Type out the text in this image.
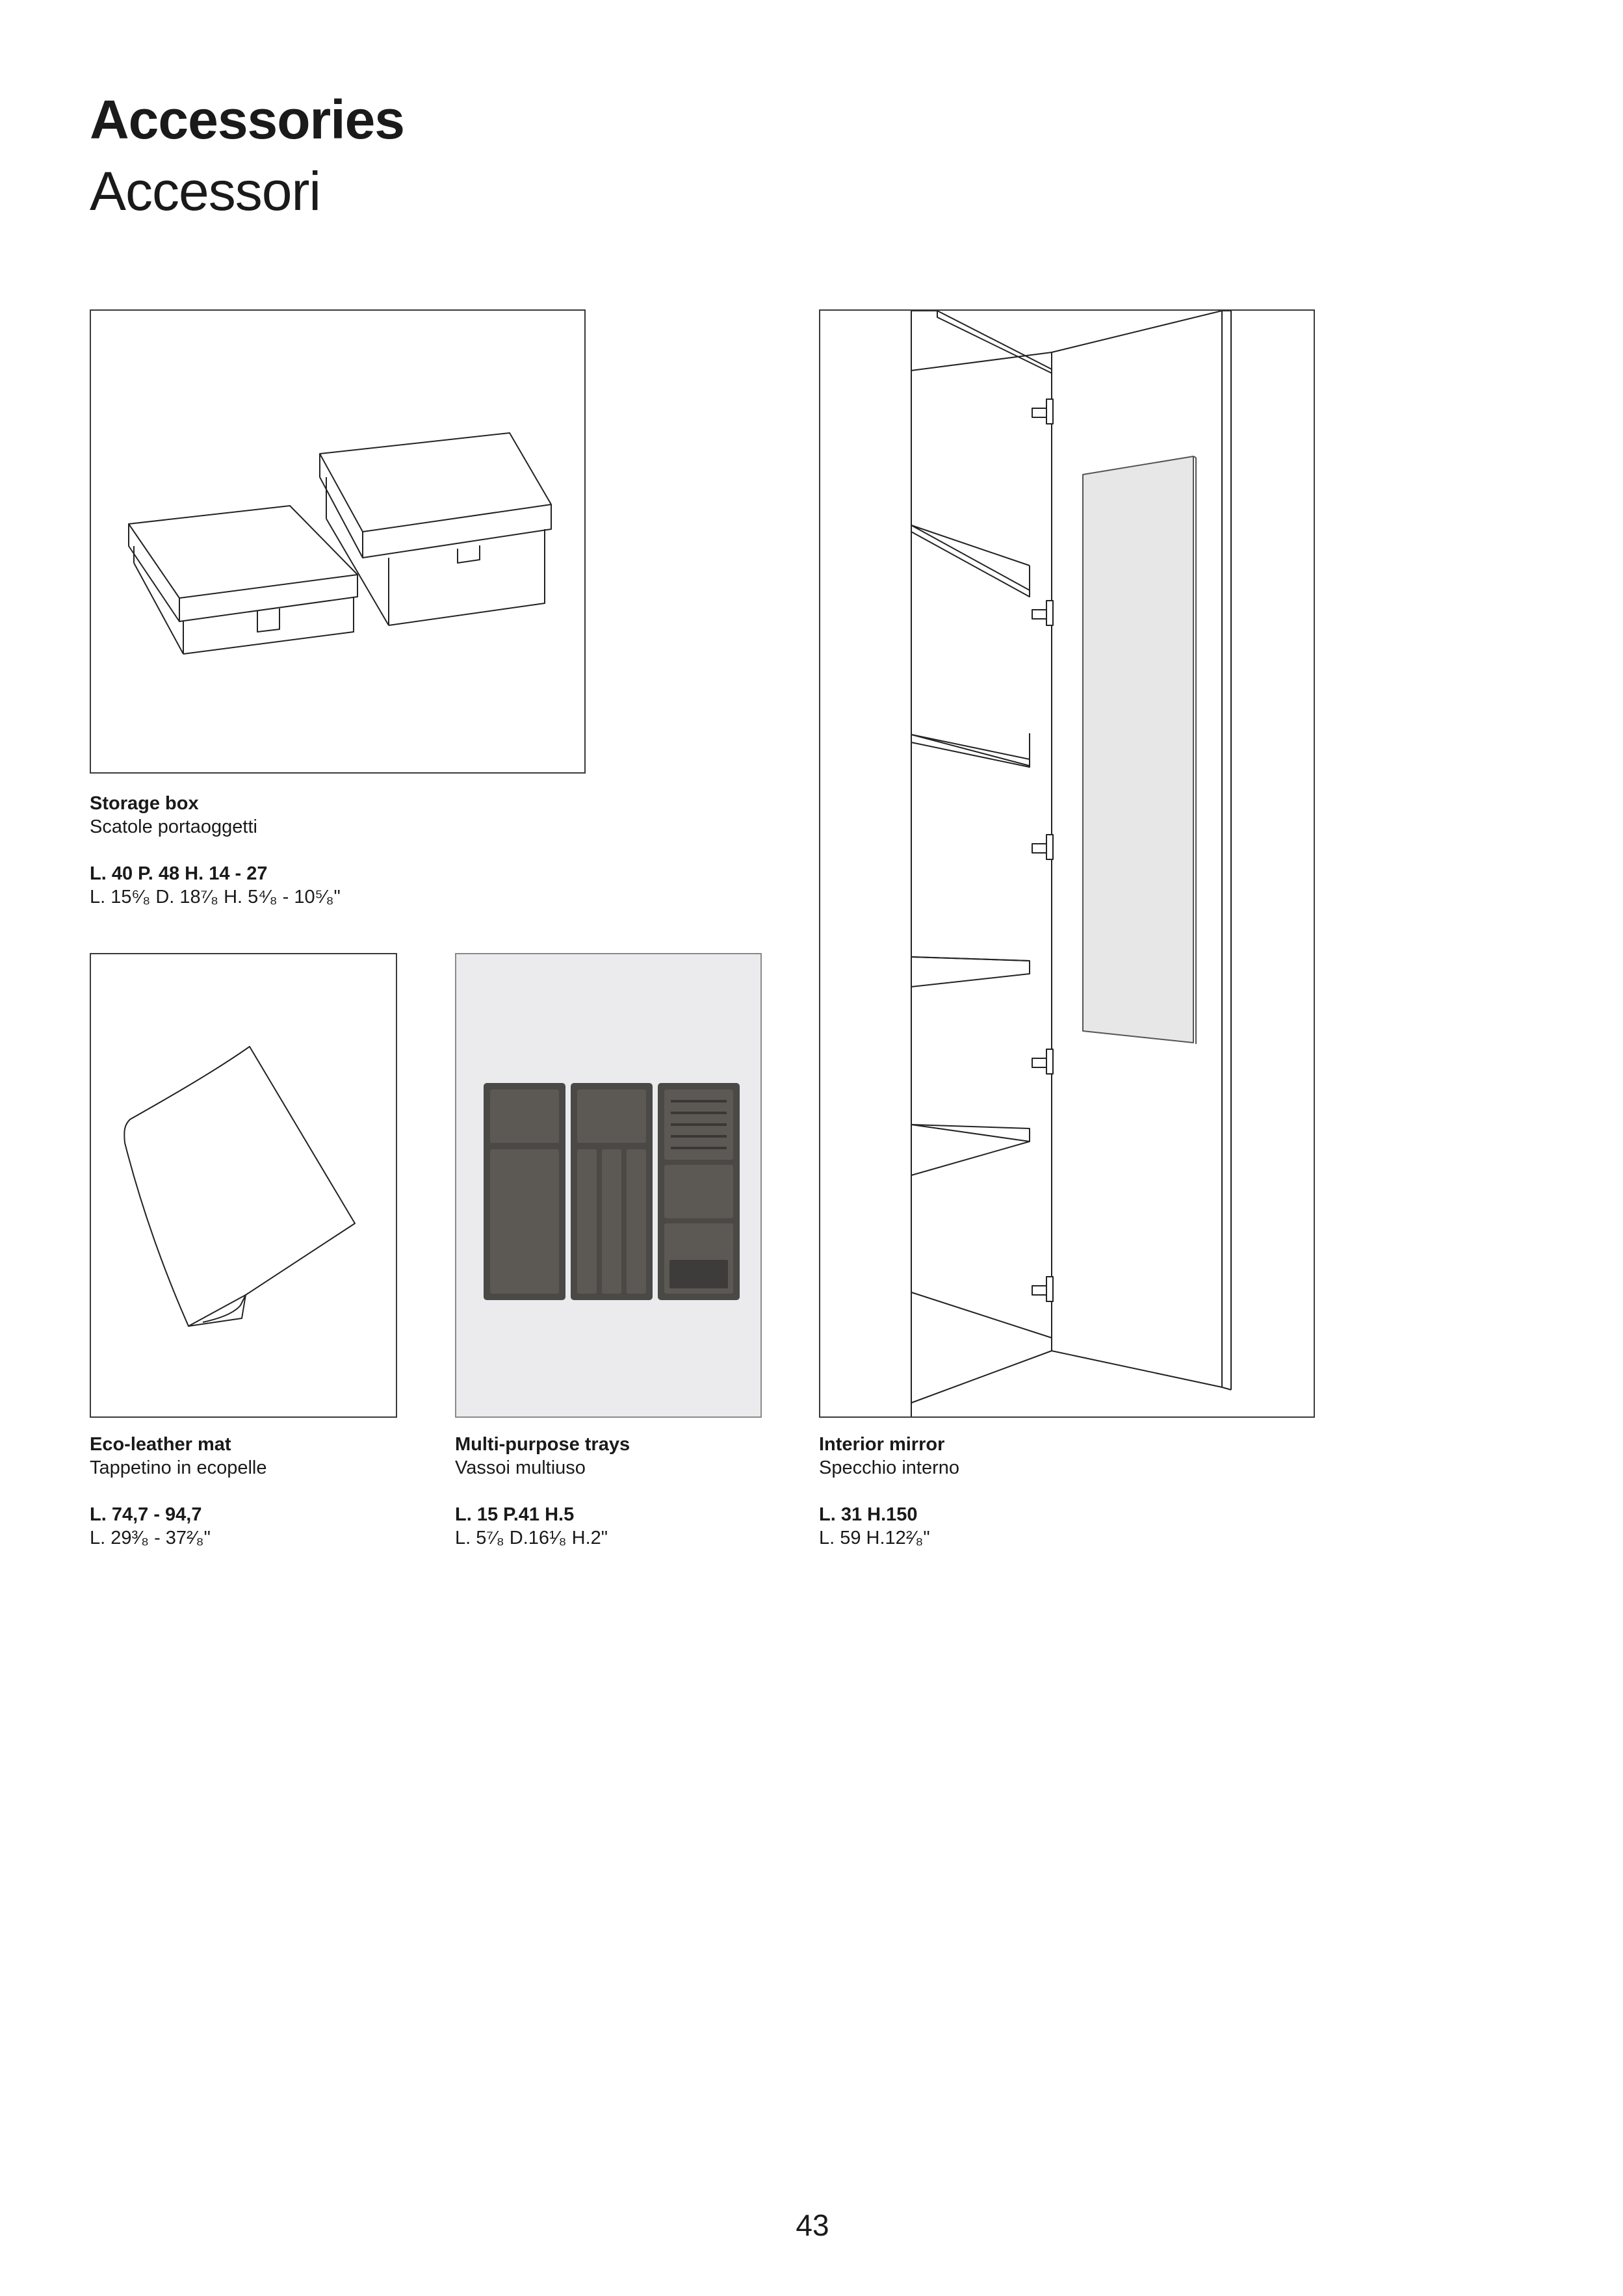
Accessories
Accessori
Storage box
Scatole portaoggetti
L. 40 P. 48 H. 14 - 27
L. 15⁶⁄₈ D. 18⁷⁄₈ H. 5⁴⁄₈ - 10⁵⁄₈"
Eco-leather mat
Tappetino in ecopelle
L. 74,7 - 94,7
L. 29³⁄₈ - 37²⁄₈"
Multi-purpose trays
Vassoi multiuso
L. 15 P.41 H.5
L. 5⁷⁄₈ D.16¹⁄₈ H.2"
Interior mirror
Specchio interno
L. 31 H.150
L. 59 H.12²⁄₈"
43
